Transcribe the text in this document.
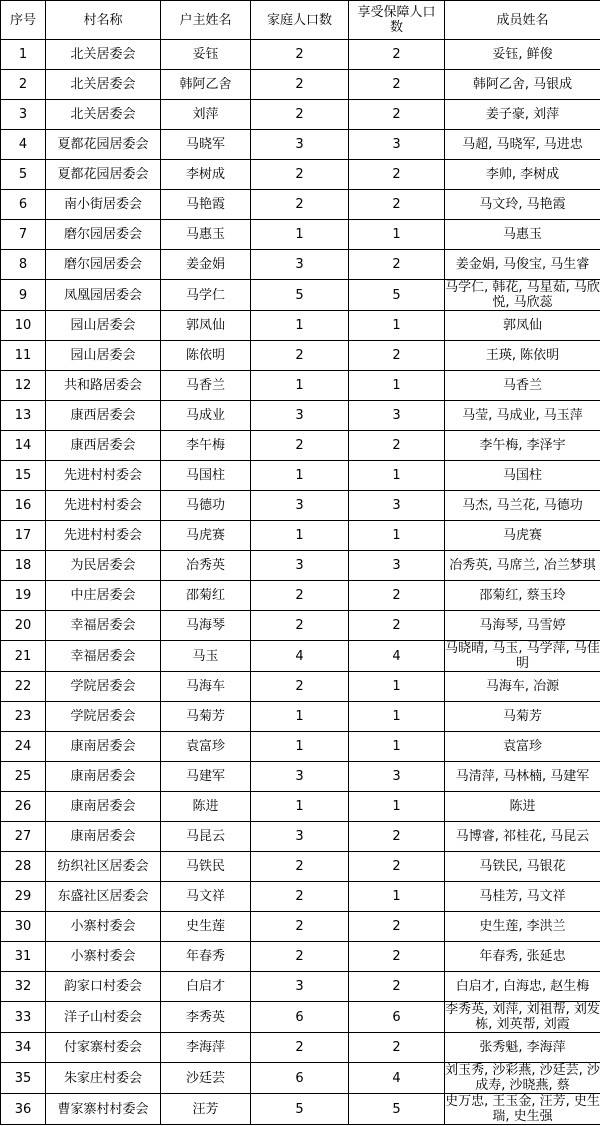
序号	村名称	户主姓名	家庭人口数	享受保障人口数	成员姓名

1	北关居委会	妥钰	2	2	妥钰, 鲜俊

2	北关居委会	韩阿乙舍	2	2	韩阿乙舍, 马银成

3	北关居委会	刘萍	2	2	姜子豪, 刘萍

4	夏都花园居委会	马晓军	3	3	马超, 马晓军, 马进忠

5	夏都花园居委会	李树成	2	2	李帅, 李树成

6	南小街居委会	马艳霞	2	2	马文玲, 马艳霞

7	磨尔园居委会	马惠玉	1	1	马惠玉

8	磨尔园居委会	姜金娟	3	2	姜金娟, 马俊宝, 马生睿

9	凤凰园居委会	马学仁	5	5	马学仁, 韩花, 马星茹, 马欣悦, 马欣蕊

10	园山居委会	郭凤仙	1	1	郭凤仙

11	园山居委会	陈依明	2	2	王瑛, 陈依明

12	共和路居委会	马香兰	1	1	马香兰

13	康西居委会	马成业	3	3	马莹, 马成业, 马玉萍

14	康西居委会	李午梅	2	2	李午梅, 李泽宇

15	先进村村委会	马国柱	1	1	马国柱

16	先进村村委会	马德功	3	3	马杰, 马兰花, 马德功

17	先进村村委会	马虎赛	1	1	马虎赛

18	为民居委会	冶秀英	3	3	冶秀英, 马席兰, 冶兰梦琪

19	中庄居委会	邵菊红	2	2	邵菊红, 蔡玉玲

20	幸福居委会	马海琴	2	2	马海琴, 马雪婷

21	幸福居委会	马玉	4	4	马晓晴, 马玉, 马学萍, 马佳明

22	学院居委会	马海车	2	1	马海车, 冶源

23	学院居委会	马菊芳	1	1	马菊芳

24	康南居委会	袁富珍	1	1	袁富珍

25	康南居委会	马建军	3	3	马清萍, 马林楠, 马建军

26	康南居委会	陈进	1	1	陈进

27	康南居委会	马昆云	3	2	马博睿, 祁桂花, 马昆云

28	纺织社区居委会	马铁民	2	2	马铁民, 马银花

29	东盛社区居委会	马文祥	2	1	马桂芳, 马文祥

30	小寨村委会	史生莲	2	2	史生莲, 李洪兰

31	小寨村委会	年春秀	2	2	年春秀, 张延忠

32	韵家口村委会	白启才	3	2	白启才, 白海忠, 赵生梅

33	洋子山村委会	李秀英	6	6	李秀英, 刘萍, 刘祖帮, 刘发栋, 刘英帮, 刘霞

34	付家寨村委会	李海萍	2	2	张秀魁, 李海萍

35	朱家庄村委会	沙廷芸	6	4	刘玉秀, 沙彩燕, 沙廷芸, 沙成寿, 沙晓燕, 蔡

36	曹家寨村村委会	汪芳	5	5	史万忠, 王玉金, 汪芳, 史生瑞, 史生强
